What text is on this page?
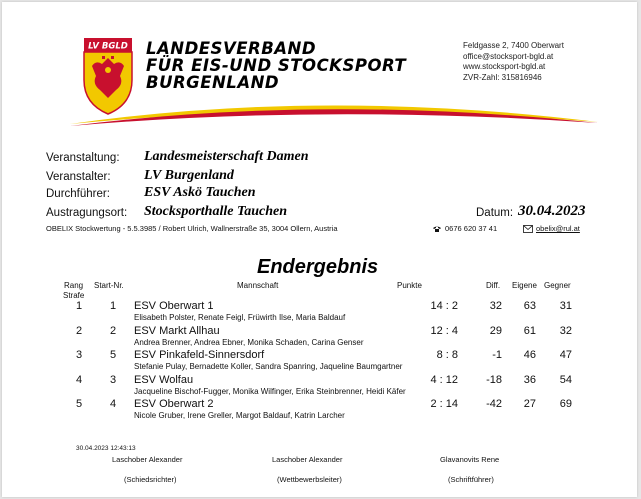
LV BGLD LANDESVERBAND
FÜR EIS-UND STOCKSPORT
BURGENLAND
Feldgasse 2, 7400 Oberwart
office@stocksport-bgld.at
www.stocksport-bgld.at
ZVR-Zahl: 315816946
Veranstaltung: Landesmeisterschaft Damen
Veranstalter: LV Burgenland
Durchführer: ESV Askö Tauchen
Austragungsort: Stocksporthalle Tauchen	Datum: 30.04.2023
OBELIX Stockwertung - 5.5.3985 / Robert Ulrich, Wallnerstraße 35, 3004 Ollern, Austria	0676 620 37 41	obelix@rul.at
Endergebnis
Rang
Strafe
Start-Nr.	Mannschaft	Punkte	Diff. Eigene Gegner
1	1 ESV Oberwart 1	14 : 2	32	63	31
Elisabeth Polster, Renate Feigl, Früwirth Ilse, Maria Baldauf
2	2 ESV Markt Allhau	12 : 4	29	61	32
Andrea Brenner, Andrea Ebner, Monika Schaden, Carina Genser
3	5 ESV Pinkafeld-Sinnersdorf	8 : 8	-1	46	47
Stefanie Pulay, Bernadette Koller, Sandra Spanring, Jaqueline Baumgartner
4	3 ESV Wolfau	4 : 12	-18	36	54
Jacqueline Bischof-Fugger, Monika Wilfinger, Erika Steinbrenner, Heidi Käfer
5	4 ESV Oberwart 2	2 : 14	-42	27	69
Nicole Gruber, Irene Greller, Margot Baldauf, Katrin Larcher
30.04.2023 12:43:13
Laschober Alexander
(Schiedsrichter)
Laschober Alexander
(Wettbewerbsleiter)
Glavanovits Rene
(Schriftführer)
